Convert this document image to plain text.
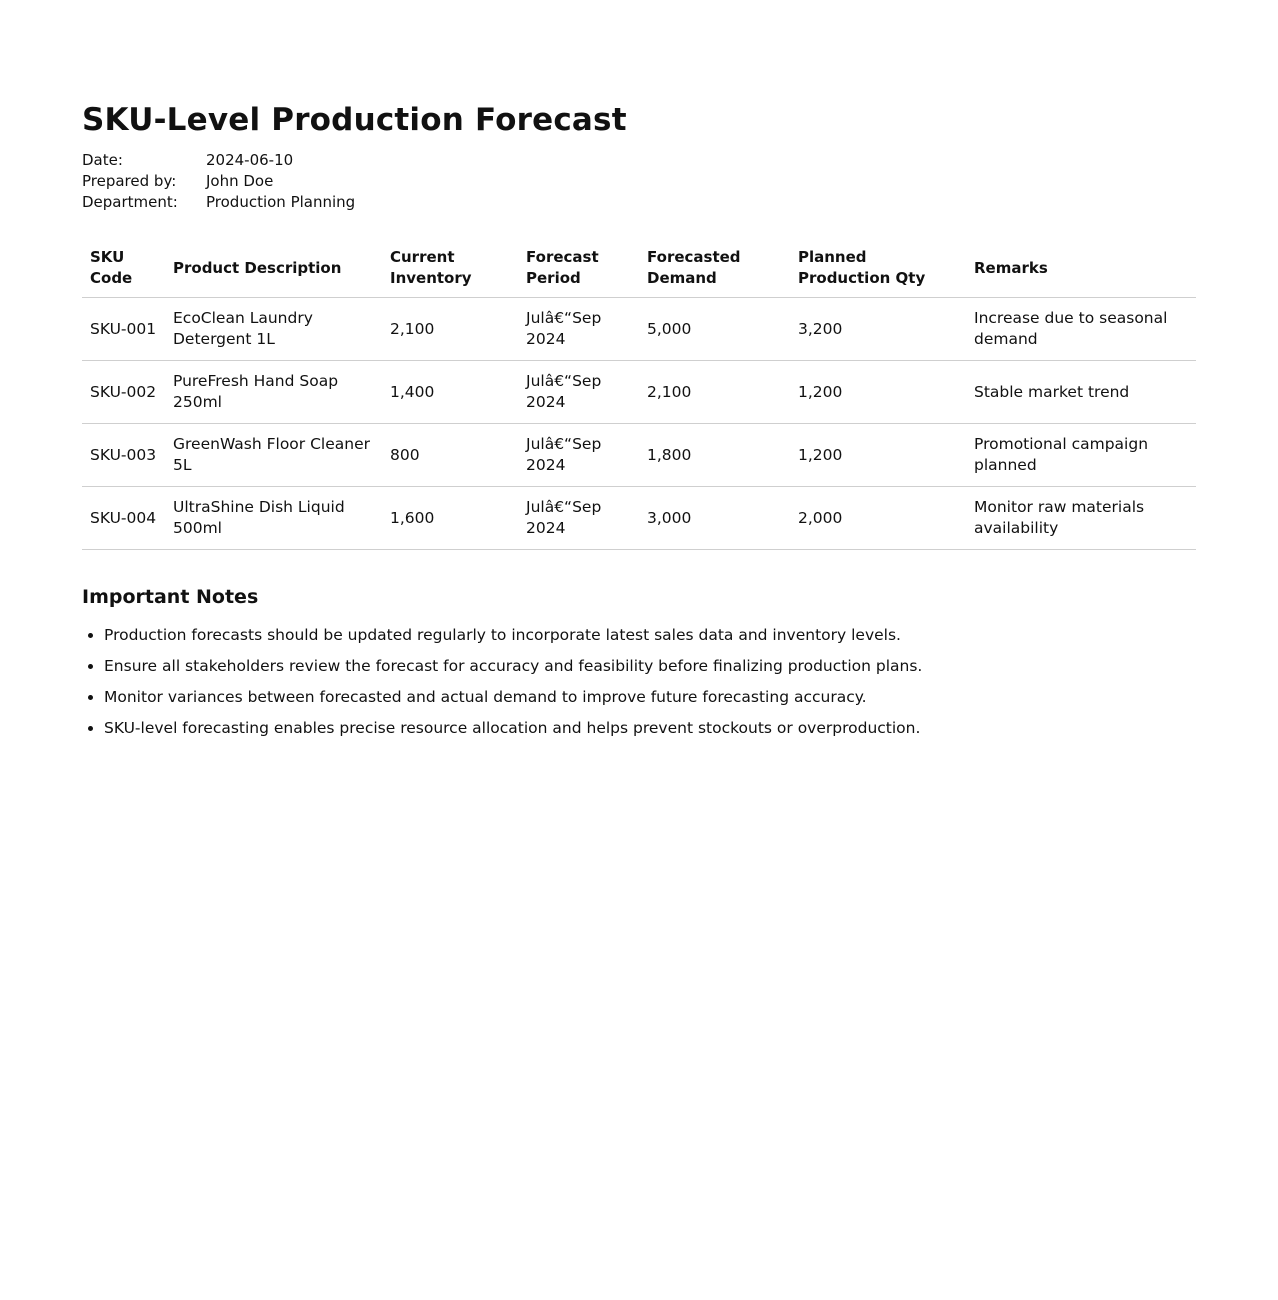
SKU-Level Production Forecast
Date:	2024-06-10
Prepared by:	John Doe
Department:	Production Planning
SKU Code	Product Description	Current Inventory	Forecast Period	Forecasted Demand	Planned Production Qty	Remarks
SKU-001	EcoClean Laundry Detergent 1L	2,100	Julâ€“Sep 2024	5,000	3,200	Increase due to seasonal demand
SKU-002	PureFresh Hand Soap 250ml	1,400	Julâ€“Sep 2024	2,100	1,200	Stable market trend
SKU-003	GreenWash Floor Cleaner 5L	800	Julâ€“Sep 2024	1,800	1,200	Promotional campaign planned
SKU-004	UltraShine Dish Liquid 500ml	1,600	Julâ€“Sep 2024	3,000	2,000	Monitor raw materials availability
Important Notes
• Production forecasts should be updated regularly to incorporate latest sales data and inventory levels.
• Ensure all stakeholders review the forecast for accuracy and feasibility before finalizing production plans.
• Monitor variances between forecasted and actual demand to improve future forecasting accuracy.
• SKU-level forecasting enables precise resource allocation and helps prevent stockouts or overproduction.
